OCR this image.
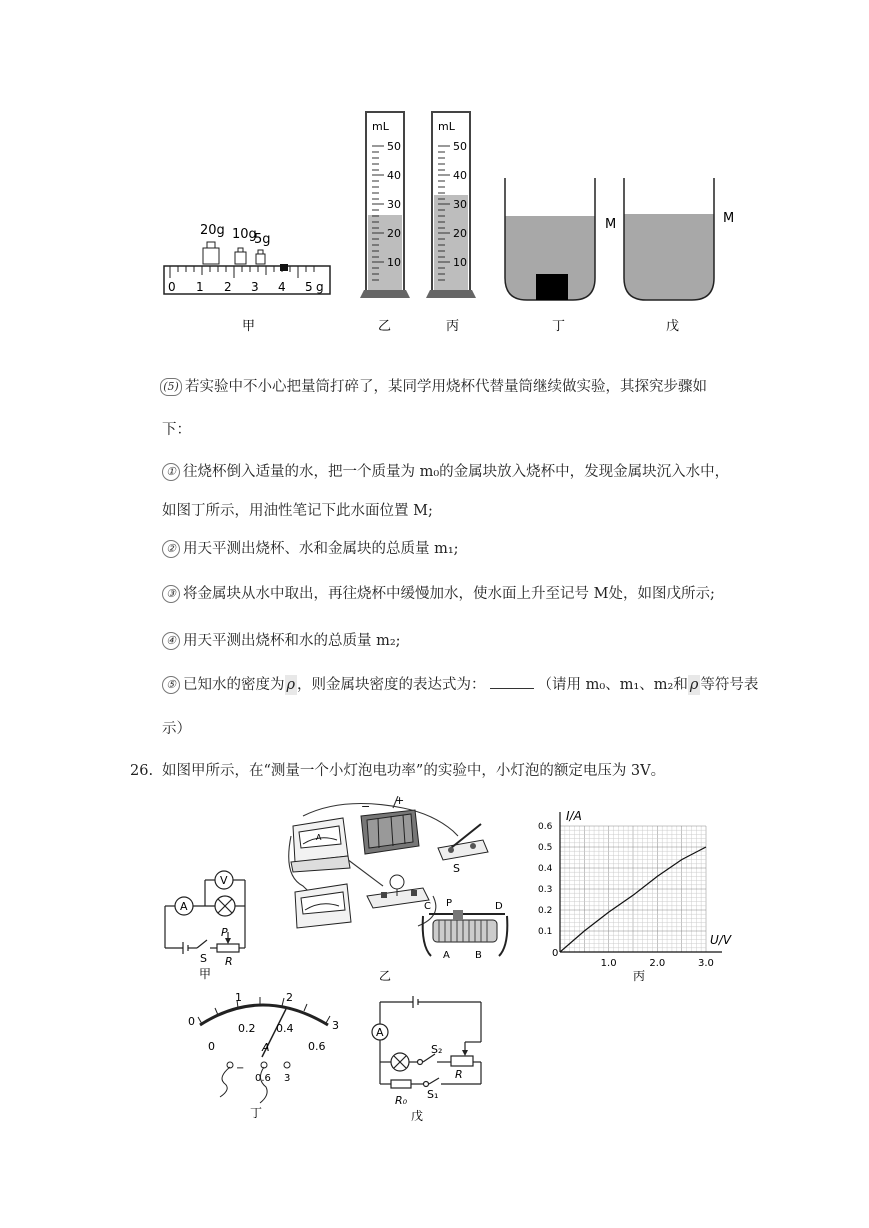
0 1 2 3 4 5 g
20g 10g
5g
mL
50
40
30
20
10
mL
50
40
30
20
10
M	M
甲	乙	丙	丁	戊
(5) 若实验中不小心把量筒打碎了，某同学用烧杯代替量筒继续做实验，其探究步骤如
下：
① 往烧杯倒入适量的水，把一个质量为 m₀的金属块放入烧杯中，发现金属块沉入水中，
如图丁所示，用油性笔记下此水面位置 M;
② 用天平测出烧杯、水和金属块的总质量 m₁;
③ 将金属块从水中取出，再往烧杯中缓慢加水，使水面上升至记号 M处，如图戊所示;
④ 用天平测出烧杯和水的总质量 m₂;
⑤ 已知水的密度为 ρ ，则金属块密度的表达式为：	（请用 m₀、m₁、m₂和 ρ 等符号表
示）
26. 如图甲所示，在“测量一个小灯泡电功率”的实验中，小灯泡的额定电压为 3V。
A
V
P
R
S
甲
A
− +
S
C P	D
A	B
乙
0.6
0.5
0.4
0.3
0.2
0.1
1.0	2.0	3.0
I/A
U/V
0
丙
0
1	2
3
0
0.2 0.4
0.6
A
−
0.6 3
丁
A
S₂
R
R₀ S₁
戊
